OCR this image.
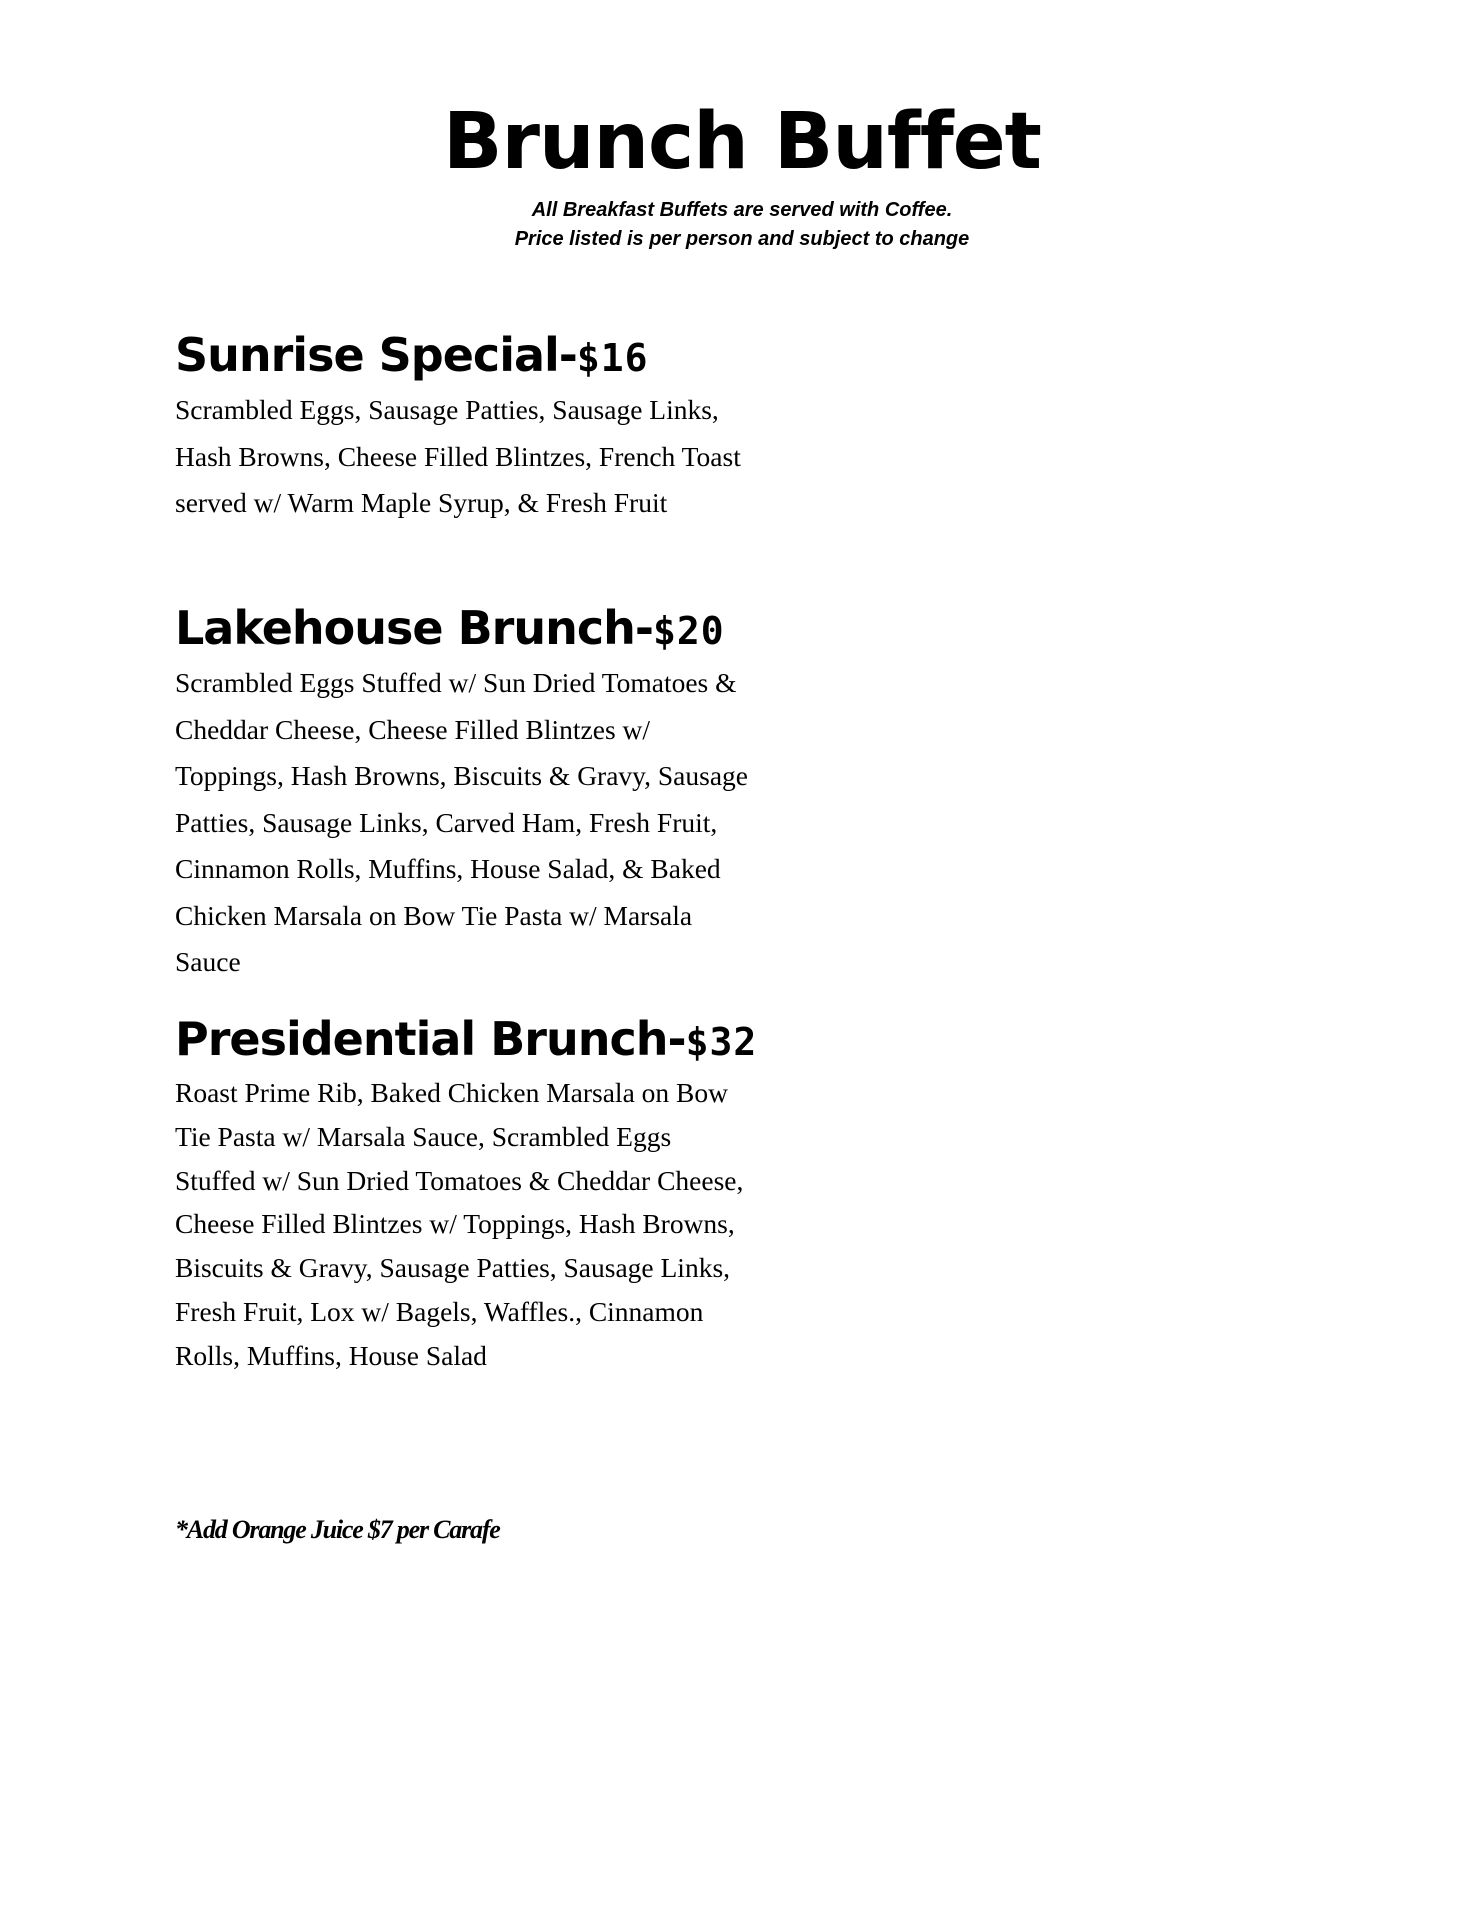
Brunch Buffet

All Breakfast Buffets are served with Coffee.

Price listed is per person and subject to change

Sunrise Special-$16

Scrambled Eggs, Sausage Patties, Sausage Links, Hash Browns, Cheese Filled Blintzes, French Toast served w/ Warm Maple Syrup, & Fresh Fruit

Lakehouse Brunch-$20

Scrambled Eggs Stuffed w/ Sun Dried Tomatoes & Cheddar Cheese, Cheese Filled Blintzes w/ Toppings, Hash Browns, Biscuits & Gravy, Sausage Patties, Sausage Links, Carved Ham, Fresh Fruit, Cinnamon Rolls, Muffins, House Salad, & Baked Chicken Marsala on Bow Tie Pasta w/ Marsala Sauce

Presidential Brunch-$32

Roast Prime Rib, Baked Chicken Marsala on Bow Tie Pasta w/ Marsala Sauce, Scrambled Eggs Stuffed w/ Sun Dried Tomatoes & Cheddar Cheese, Cheese Filled Blintzes w/ Toppings, Hash Browns, Biscuits & Gravy, Sausage Patties, Sausage Links, Fresh Fruit, Lox w/ Bagels, Waffles., Cinnamon Rolls, Muffins, House Salad

*Add Orange Juice $7 per Carafe
